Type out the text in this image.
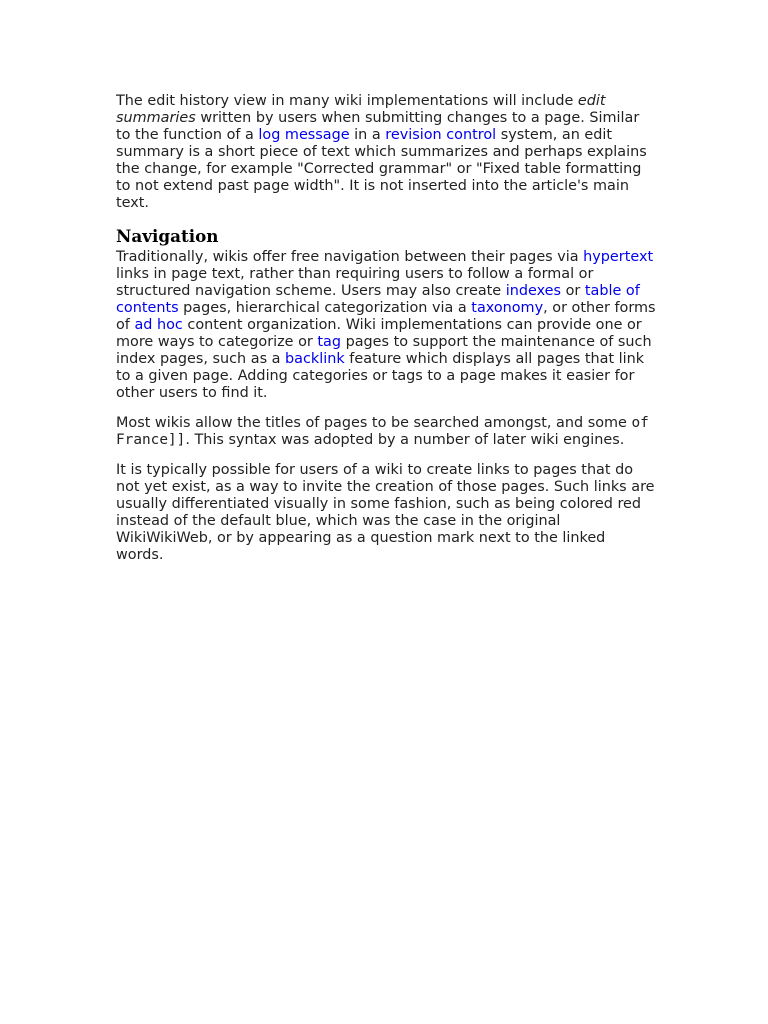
The edit history view in many wiki implementations will include edit summaries written by users when submitting changes to a page. Similar to the function of a log message in a revision control system, an edit summary is a short piece of text which summarizes and perhaps explains the change, for example "Corrected grammar" or "Fixed table formatting to not extend past page width". It is not inserted into the article's main text.

Navigation

Traditionally, wikis offer free navigation between their pages via hypertext links in page text, rather than requiring users to follow a formal or structured navigation scheme. Users may also create indexes or table of contents pages, hierarchical categorization via a taxonomy, or other forms of ad hoc content organization. Wiki implementations can provide one or more ways to categorize or tag pages to support the maintenance of such index pages, such as a backlink feature which displays all pages that link to a given page. Adding categories or tags to a page makes it easier for other users to find it.

Most wikis allow the titles of pages to be searched amongst, and some of France]]. This syntax was adopted by a number of later wiki engines.

It is typically possible for users of a wiki to create links to pages that do not yet exist, as a way to invite the creation of those pages. Such links are usually differentiated visually in some fashion, such as being colored red instead of the default blue, which was the case in the original WikiWikiWeb, or by appearing as a question mark next to the linked words.
